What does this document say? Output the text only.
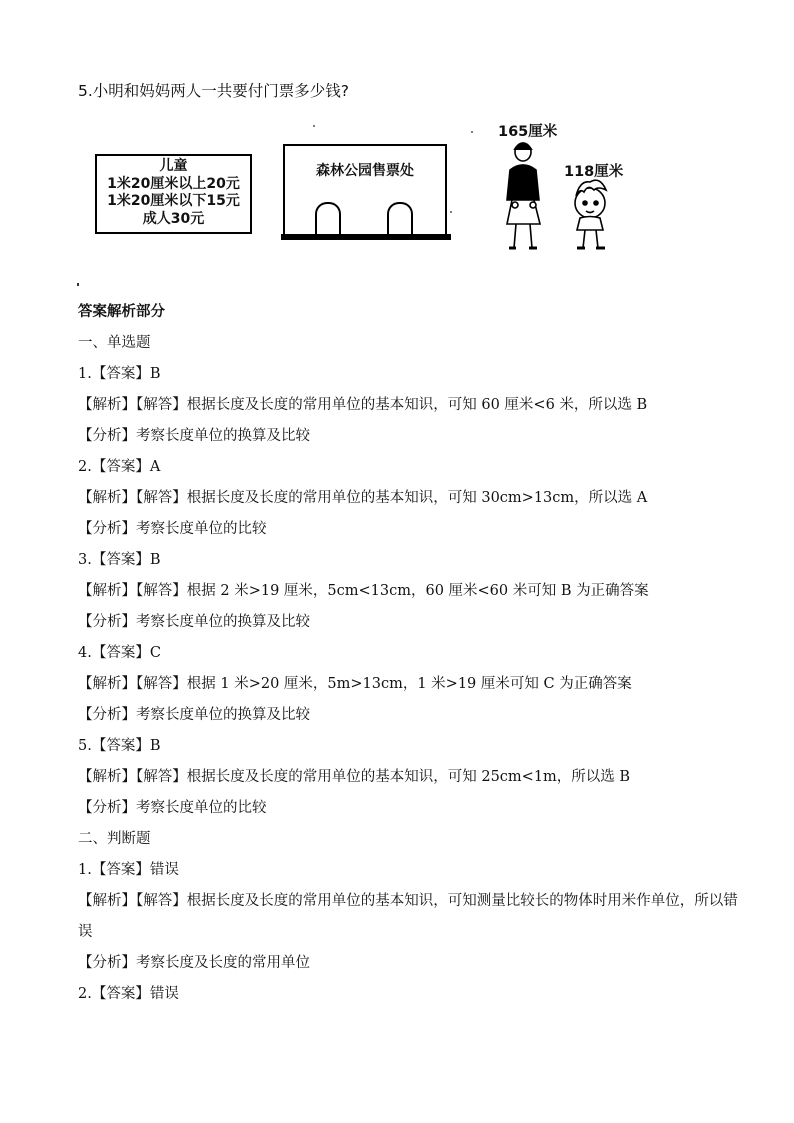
5.小明和妈妈两人一共要付门票多少钱?
儿童
1米20厘米以上20元
1米20厘米以下15元
成人30元
森林公园售票处
165厘米
118厘米
答案解析部分
一、单选题
1.【答案】B
【解析】【解答】根据长度及长度的常用单位的基本知识，可知 60 厘米<6 米，所以选 B
【分析】考察长度单位的换算及比较
2.【答案】A
【解析】【解答】根据长度及长度的常用单位的基本知识，可知 30cm>13cm，所以选 A
【分析】考察长度单位的比较
3.【答案】B
【解析】【解答】根据 2 米>19 厘米，5cm<13cm，60 厘米<60 米可知 B 为正确答案
【分析】考察长度单位的换算及比较
4.【答案】C
【解析】【解答】根据 1 米>20 厘米，5m>13cm，1 米>19 厘米可知 C 为正确答案
【分析】考察长度单位的换算及比较
5.【答案】B
【解析】【解答】根据长度及长度的常用单位的基本知识，可知 25cm<1m，所以选 B
【分析】考察长度单位的比较
二、判断题
1.【答案】错误
【解析】【解答】根据长度及长度的常用单位的基本知识，可知测量比较长的物体时用米作单位，所以错误
【分析】考察长度及长度的常用单位
2.【答案】错误
